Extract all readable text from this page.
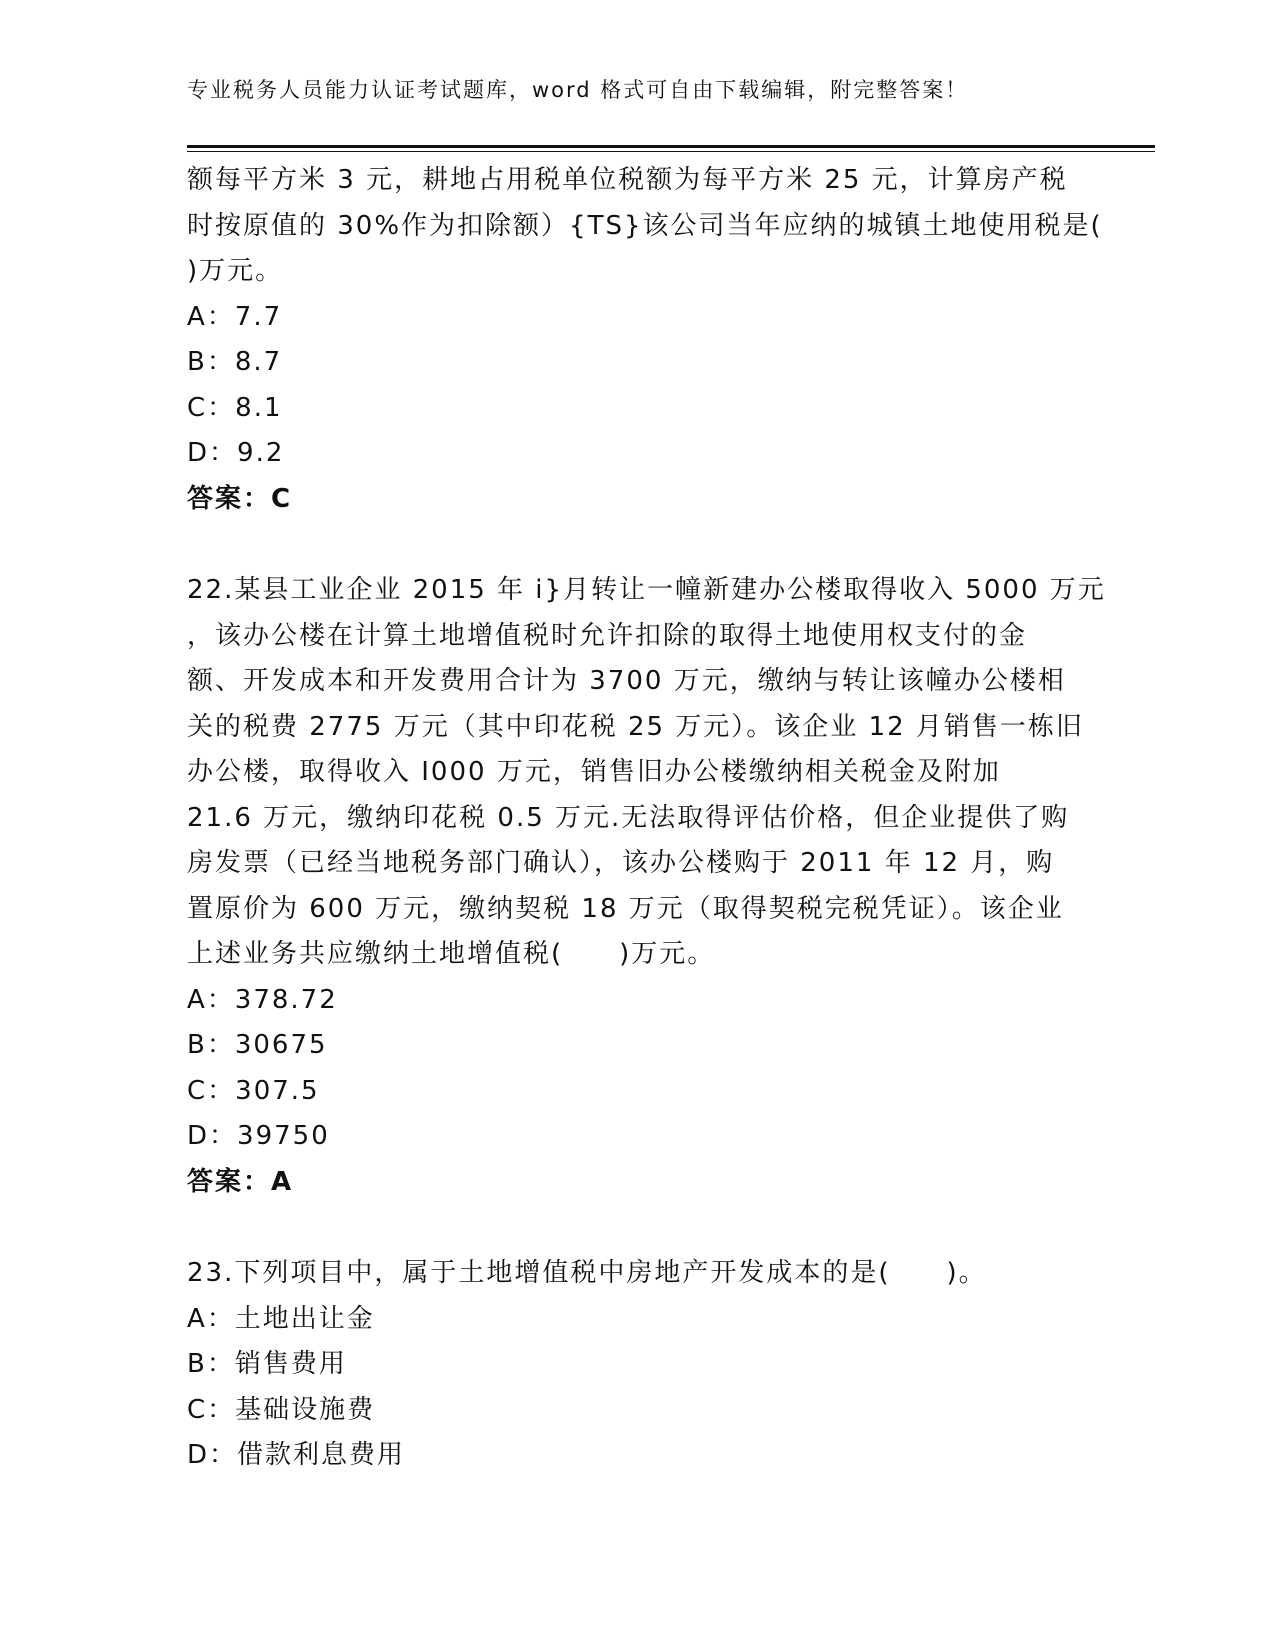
专业税务人员能力认证考试题库，word 格式可自由下载编辑，附完整答案！
额每平方米 3 元，耕地占用税单位税额为每平方米 25 元，计算房产税
时按原值的 30%作为扣除额）{TS}该公司当年应纳的城镇土地使用税是(
)万元。
A：7.7
B：8.7
C：8.1
D：9.2
答案：C
22.某县工业企业 2015 年 i}月转让一幢新建办公楼取得收入 5000 万元
，该办公楼在计算土地增值税时允许扣除的取得土地使用权支付的金
额、开发成本和开发费用合计为 3700 万元，缴纳与转让该幢办公楼相
关的税费 2775 万元（其中印花税 25 万元）。该企业 12 月销售一栋旧
办公楼，取得收入 I000 万元，销售旧办公楼缴纳相关税金及附加
21.6 万元，缴纳印花税 0.5 万元.无法取得评估价格，但企业提供了购
房发票（已经当地税务部门确认），该办公楼购于 2011 年 12 月，购
置原价为 600 万元，缴纳契税 18 万元（取得契税完税凭证）。该企业
上述业务共应缴纳土地增值税(　　)万元。
A：378.72
B：30675
C：307.5
D：39750
答案：A
23.下列项目中，属于土地增值税中房地产开发成本的是(　　)。
A：土地出让金
B：销售费用
C：基础设施费
D：借款利息费用
